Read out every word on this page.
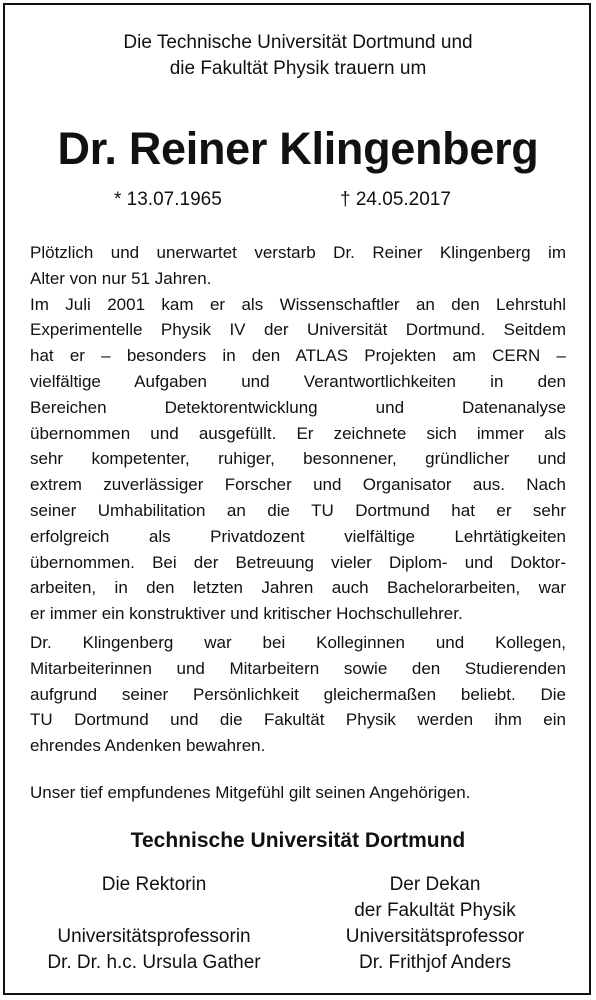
Die Technische Universität Dortmund und
die Fakultät Physik trauern um
Dr. Reiner Klingenberg
* 13.07.1965	† 24.05.2017
Plötzlich und unerwartet verstarb Dr. Reiner Klingenberg im
Alter von nur 51 Jahren.
Im Juli 2001 kam er als Wissenschaftler an den Lehrstuhl
Experimentelle Physik IV der Universität Dortmund. Seitdem
hat er – besonders in den ATLAS Projekten am CERN –
vielfältige Aufgaben und Verantwortlichkeiten in den
Bereichen Detektorentwicklung und Datenanalyse
übernommen und ausgefüllt. Er zeichnete sich immer als
sehr kompetenter, ruhiger, besonnener, gründlicher und
extrem zuverlässiger Forscher und Organisator aus. Nach
seiner Umhabilitation an die TU Dortmund hat er sehr
erfolgreich als Privatdozent vielfältige Lehrtätigkeiten
übernommen. Bei der Betreuung vieler Diplom- und Doktor-
arbeiten, in den letzten Jahren auch Bachelorarbeiten, war
er immer ein konstruktiver und kritischer Hochschullehrer.
Dr. Klingenberg war bei Kolleginnen und Kollegen,
Mitarbeiterinnen und Mitarbeitern sowie den Studierenden
aufgrund seiner Persönlichkeit gleichermaßen beliebt. Die
TU Dortmund und die Fakultät Physik werden ihm ein
ehrendes Andenken bewahren.
Unser tief empfundenes Mitgefühl gilt seinen Angehörigen.
Technische Universität Dortmund
Die Rektorin
Universitätsprofessorin
Dr. Dr. h.c. Ursula Gather
Der Dekan
der Fakultät Physik
Universitätsprofessor
Dr. Frithjof Anders
